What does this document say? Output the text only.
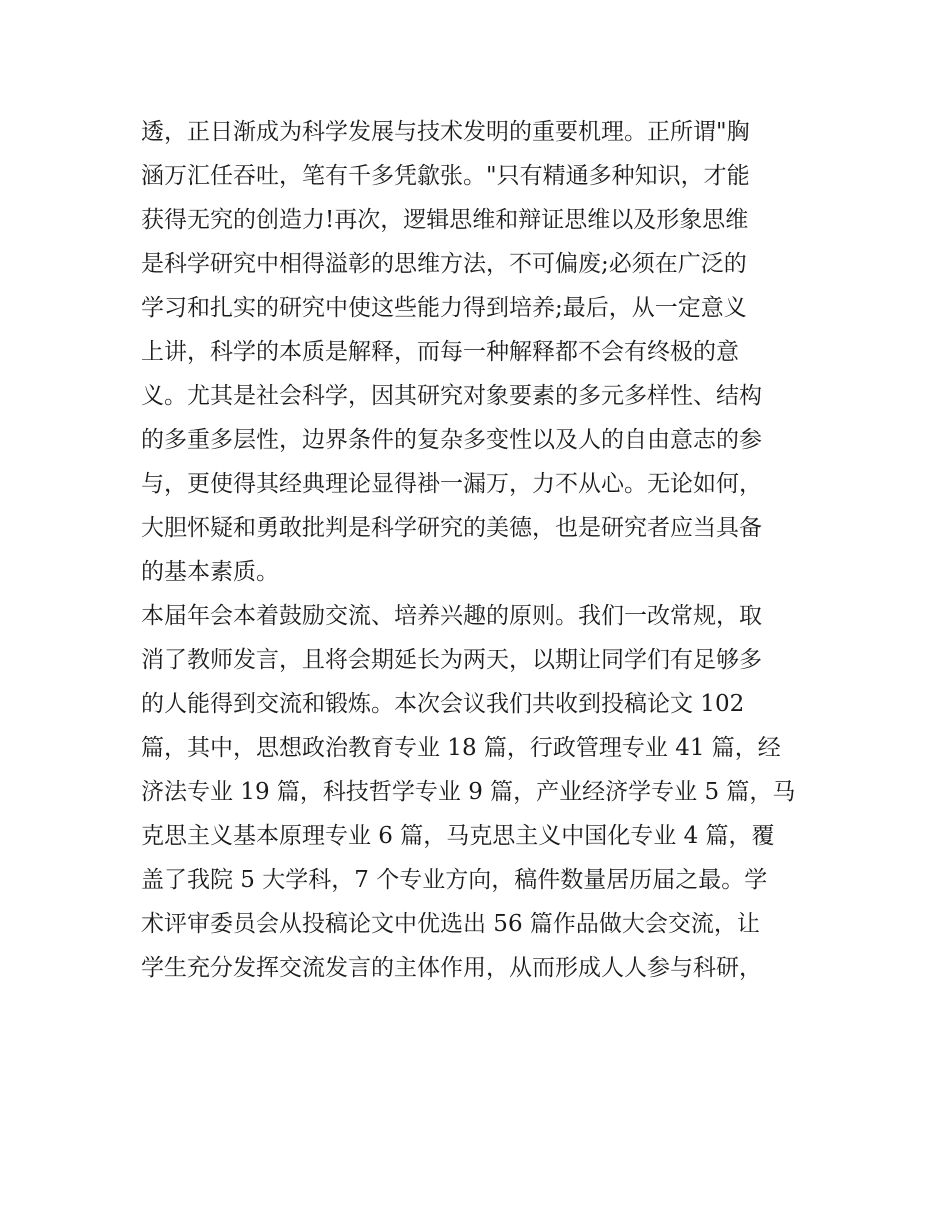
透，正日渐成为科学发展与技术发明的重要机理。正所谓"胸
涵万汇任吞吐，笔有千多凭歙张。"只有精通多种知识，才能
获得无究的创造力!再次，逻辑思维和辩证思维以及形象思维
是科学研究中相得溢彰的思维方法，不可偏废;必须在广泛的
学习和扎实的研究中使这些能力得到培养;最后，从一定意义
上讲，科学的本质是解释，而每一种解释都不会有终极的意
义。尤其是社会科学，因其研究对象要素的多元多样性、结构
的多重多层性，边界条件的复杂多变性以及人的自由意志的参
与，更使得其经典理论显得褂一漏万，力不从心。无论如何，
大胆怀疑和勇敢批判是科学研究的美德，也是研究者应当具备
的基本素质。
本届年会本着鼓励交流、培养兴趣的原则。我们一改常规，取
消了教师发言，且将会期延长为两天，以期让同学们有足够多
的人能得到交流和锻炼。本次会议我们共收到投稿论文 102
篇，其中，思想政治教育专业 18 篇，行政管理专业 41 篇，经
济法专业 19 篇，科技哲学专业 9 篇，产业经济学专业 5 篇，马
克思主义基本原理专业 6 篇，马克思主义中国化专业 4 篇，覆
盖了我院 5 大学科，7 个专业方向，稿件数量居历届之最。学
术评审委员会从投稿论文中优选出 56 篇作品做大会交流，让
学生充分发挥交流发言的主体作用，从而形成人人参与科研，
